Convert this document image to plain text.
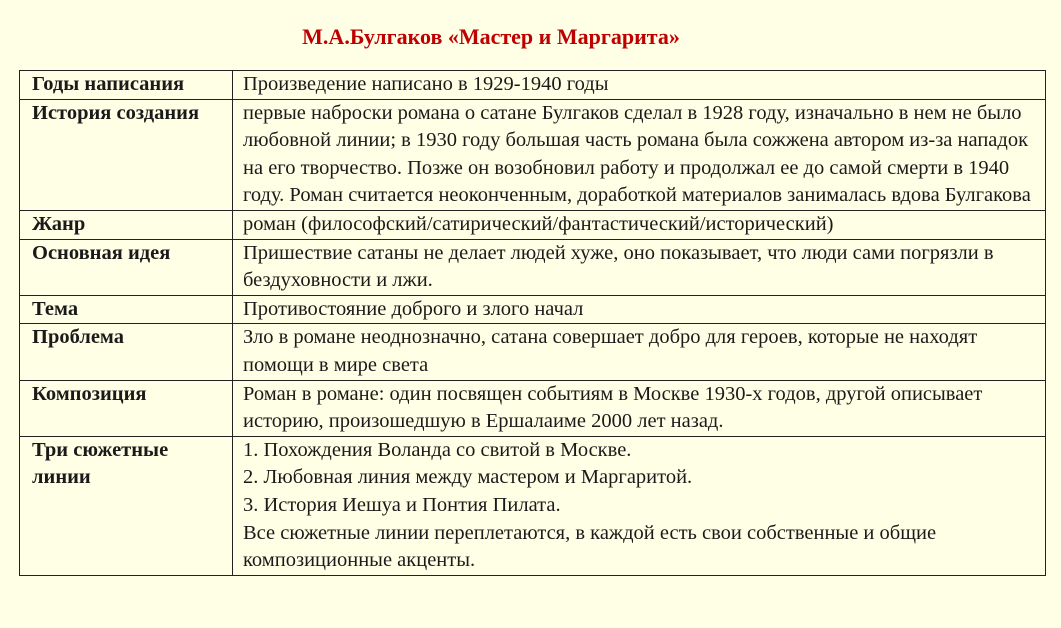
М.А.Булгаков «Мастер и Маргарита»
Годы написания	Произведение написано в 1929-1940 годы
История создания	первые наброски романа о сатане Булгаков сделал в 1928 году, изначально в нем не было любовной линии; в 1930 году большая часть романа была сожжена автором из-за нападок на его творчество. Позже он возобновил работу и продолжал ее до самой смерти в 1940 году. Роман считается неоконченным, доработкой материалов занималась вдова Булгакова
Жанр	роман (философский/сатирический/фантастический/исторический)
Основная идея	Пришествие сатаны не делает людей хуже, оно показывает, что люди сами погрязли в бездуховности и лжи.
Тема	Противостояние доброго и злого начал
Проблема	Зло в романе неоднозначно, сатана совершает добро для героев, которые не находят помощи в мире света
Композиция	Роман в романе: один посвящен событиям в Москве 1930-х годов, другой описывает историю, произошедшую в Ершалаиме 2000 лет назад.
Три сюжетные линии	1. Похождения Воланда со свитой в Москве.
2. Любовная линия между мастером и Маргаритой.
3. История Иешуа и Понтия Пилата.
Все сюжетные линии переплетаются, в каждой есть свои собственные и общие композиционные акценты.
